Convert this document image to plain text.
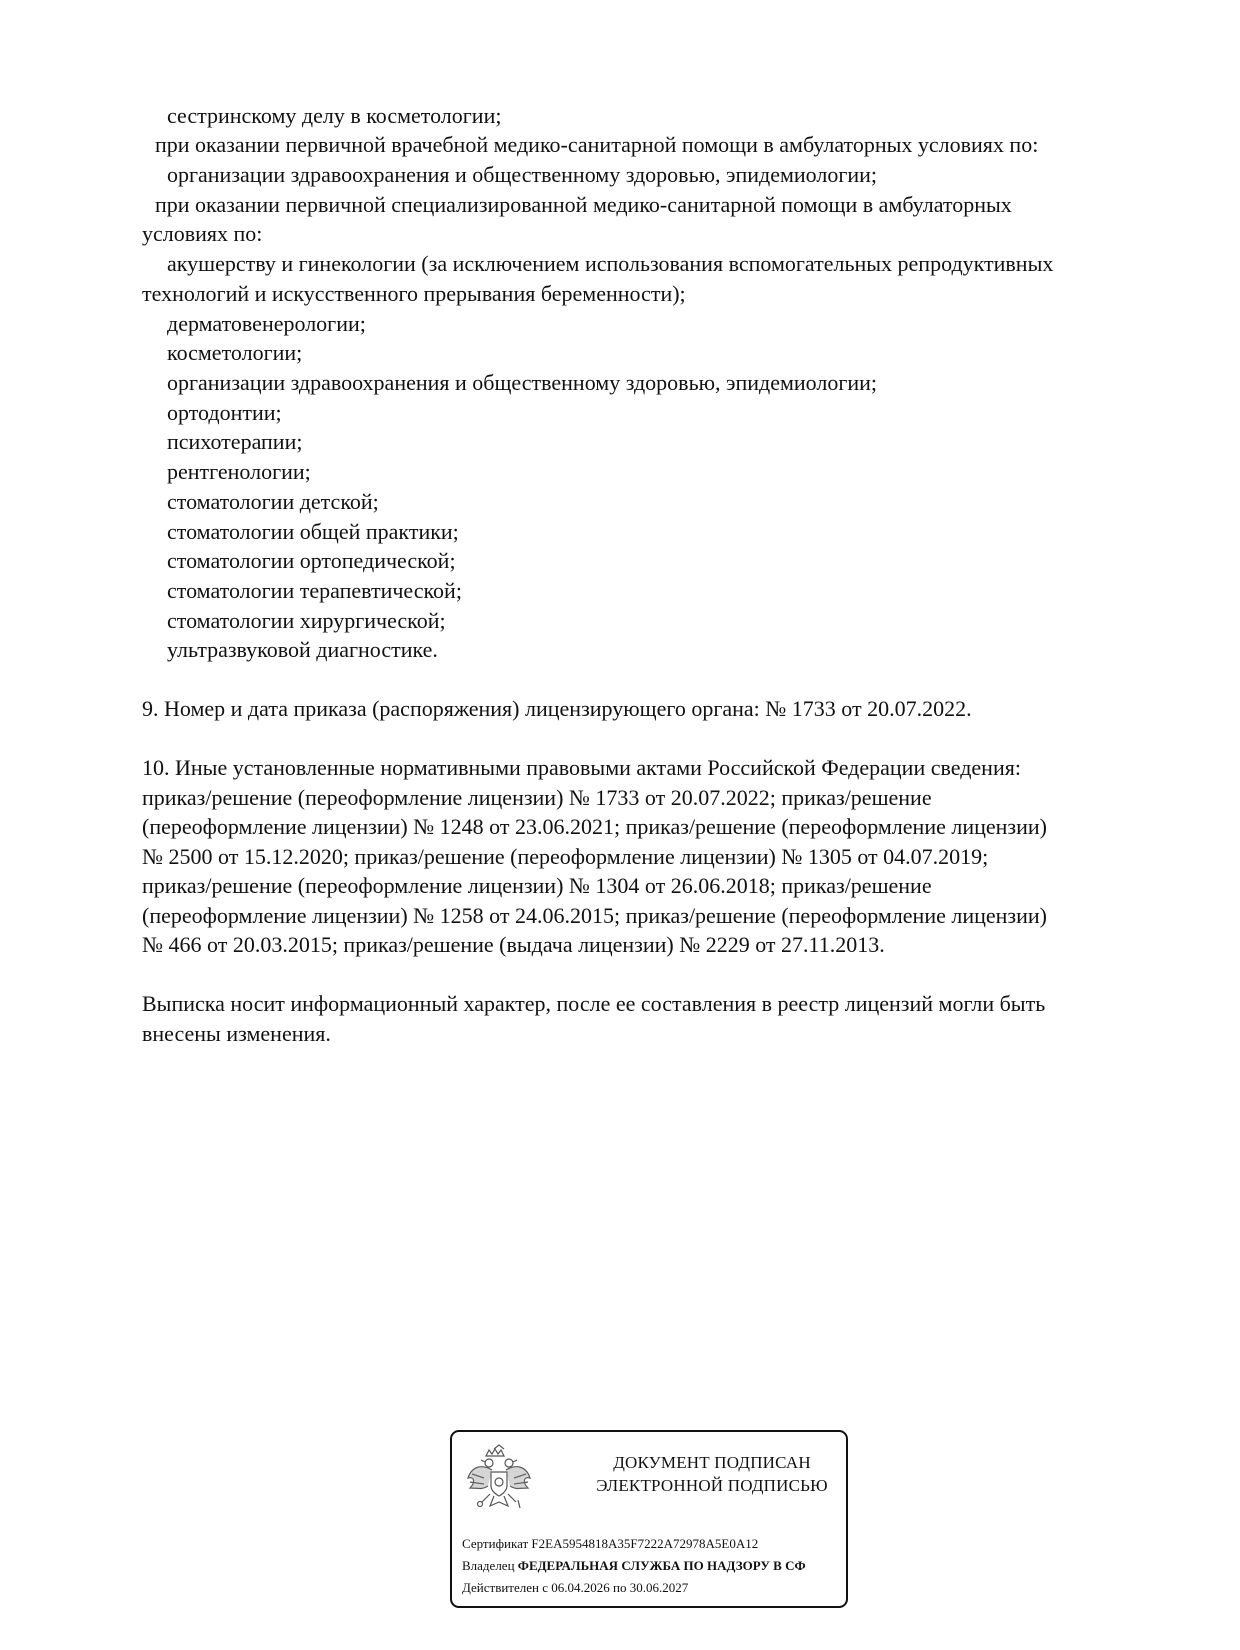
сестринскому делу в косметологии;
при оказании первичной врачебной медико-санитарной помощи в амбулаторных условиях по:
организации здравоохранения и общественному здоровью, эпидемиологии;
при оказании первичной специализированной медико-санитарной помощи в амбулаторных
условиях по:
акушерству и гинекологии (за исключением использования вспомогательных репродуктивных
технологий и искусственного прерывания беременности);
дерматовенерологии;
косметологии;
организации здравоохранения и общественному здоровью, эпидемиологии;
ортодонтии;
психотерапии;
рентгенологии;
стоматологии детской;
стоматологии общей практики;
стоматологии ортопедической;
стоматологии терапевтической;
стоматологии хирургической;
ультразвуковой диагностике.
9. Номер и дата приказа (распоряжения) лицензирующего органа: № 1733 от 20.07.2022.
10. Иные установленные нормативными правовыми актами Российской Федерации сведения:
приказ/решение (переоформление лицензии) № 1733 от 20.07.2022; приказ/решение
(переоформление лицензии) № 1248 от 23.06.2021; приказ/решение (переоформление лицензии)
№ 2500 от 15.12.2020; приказ/решение (переоформление лицензии) № 1305 от 04.07.2019;
приказ/решение (переоформление лицензии) № 1304 от 26.06.2018; приказ/решение
(переоформление лицензии) № 1258 от 24.06.2015; приказ/решение (переоформление лицензии)
№ 466 от 20.03.2015; приказ/решение (выдача лицензии) № 2229 от 27.11.2013.
Выписка носит информационный характер, после ее составления в реестр лицензий могли быть
внесены изменения.
ДОКУМЕНТ ПОДПИСАН
ЭЛЕКТРОННОЙ ПОДПИСЬЮ
Сертификат F2EA5954818A35F7222A72978A5E0A12
Владелец ФЕДЕРАЛЬНАЯ СЛУЖБА ПО НАДЗОРУ В СФ
Действителен с 06.04.2026 по 30.06.2027
